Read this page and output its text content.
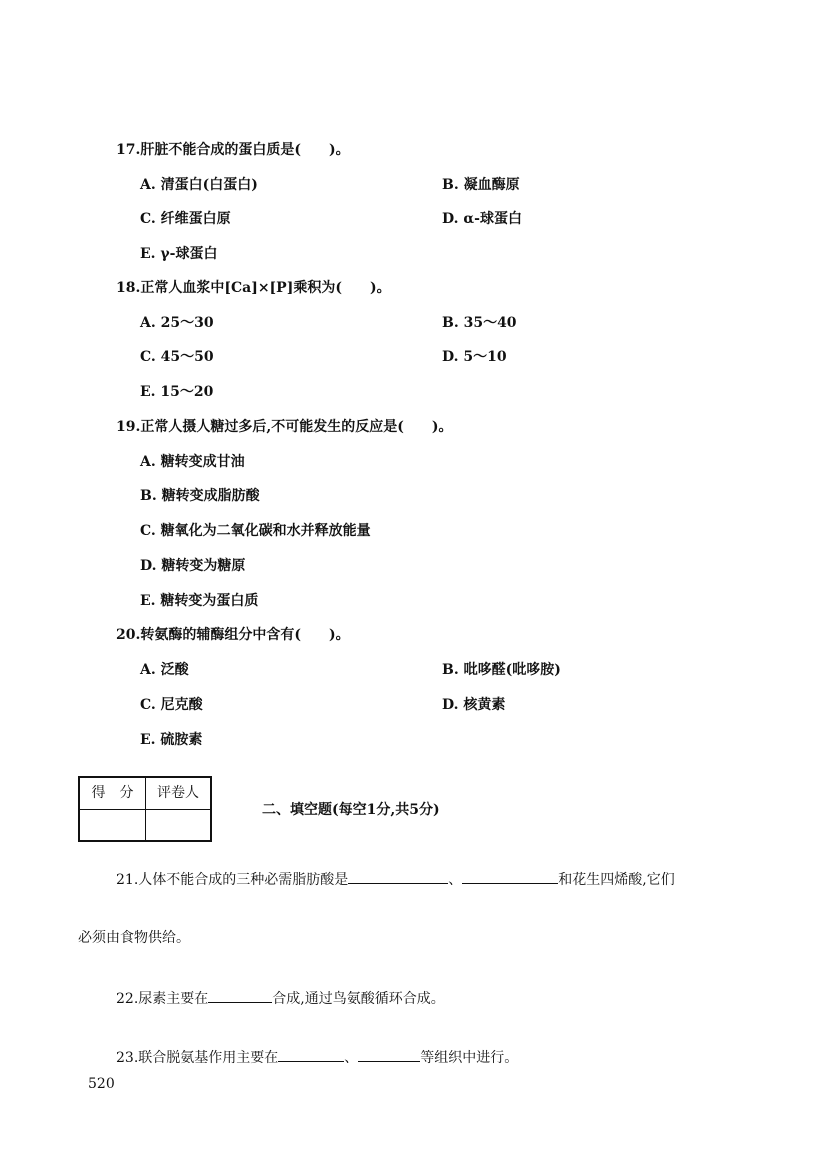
17.肝脏不能合成的蛋白质是(　　)。
A. 清蛋白(白蛋白)	B. 凝血酶原
C. 纤维蛋白原	D. α-球蛋白
E. γ-球蛋白
18.正常人血浆中[Ca]×[P]乘积为(　　)。
A. 25～30	B. 35～40
C. 45～50	D. 5～10
E. 15～20
19.正常人摄人糖过多后,不可能发生的反应是(　　)。
A. 糖转变成甘油
B. 糖转变成脂肪酸
C. 糖氧化为二氧化碳和水并释放能量
D. 糖转变为糖原
E. 糖转变为蛋白质
20.转氨酶的辅酶组分中含有(　　)。
A. 泛酸	B. 吡哆醛(吡哆胺)
C. 尼克酸	D. 核黄素
E. 硫胺素
得　分	评卷人
二、填空题(每空1分,共5分)
21.人体不能合成的三种必需脂肪酸是	、	和花生四烯酸,它们
必须由食物供给。
22.尿素主要在	合成,通过鸟氨酸循环合成。
23.联合脱氨基作用主要在	、	等组织中进行。
520
